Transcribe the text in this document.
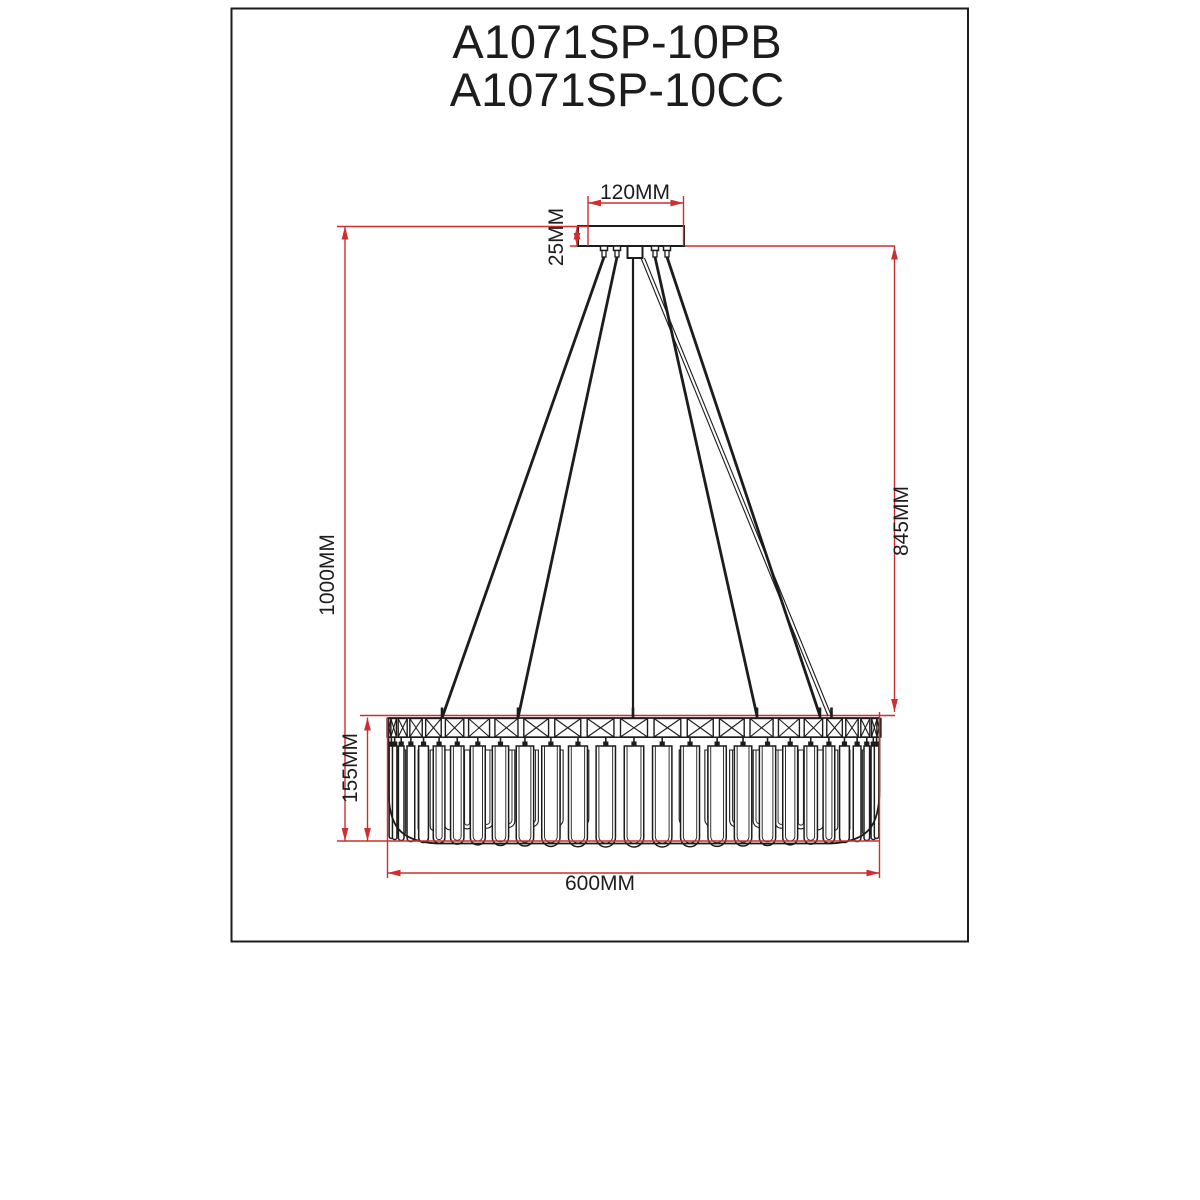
A1071SP-10PB
A1071SP-10CC
120MM
25MM
1000MM
845MM
155MM
600MM
